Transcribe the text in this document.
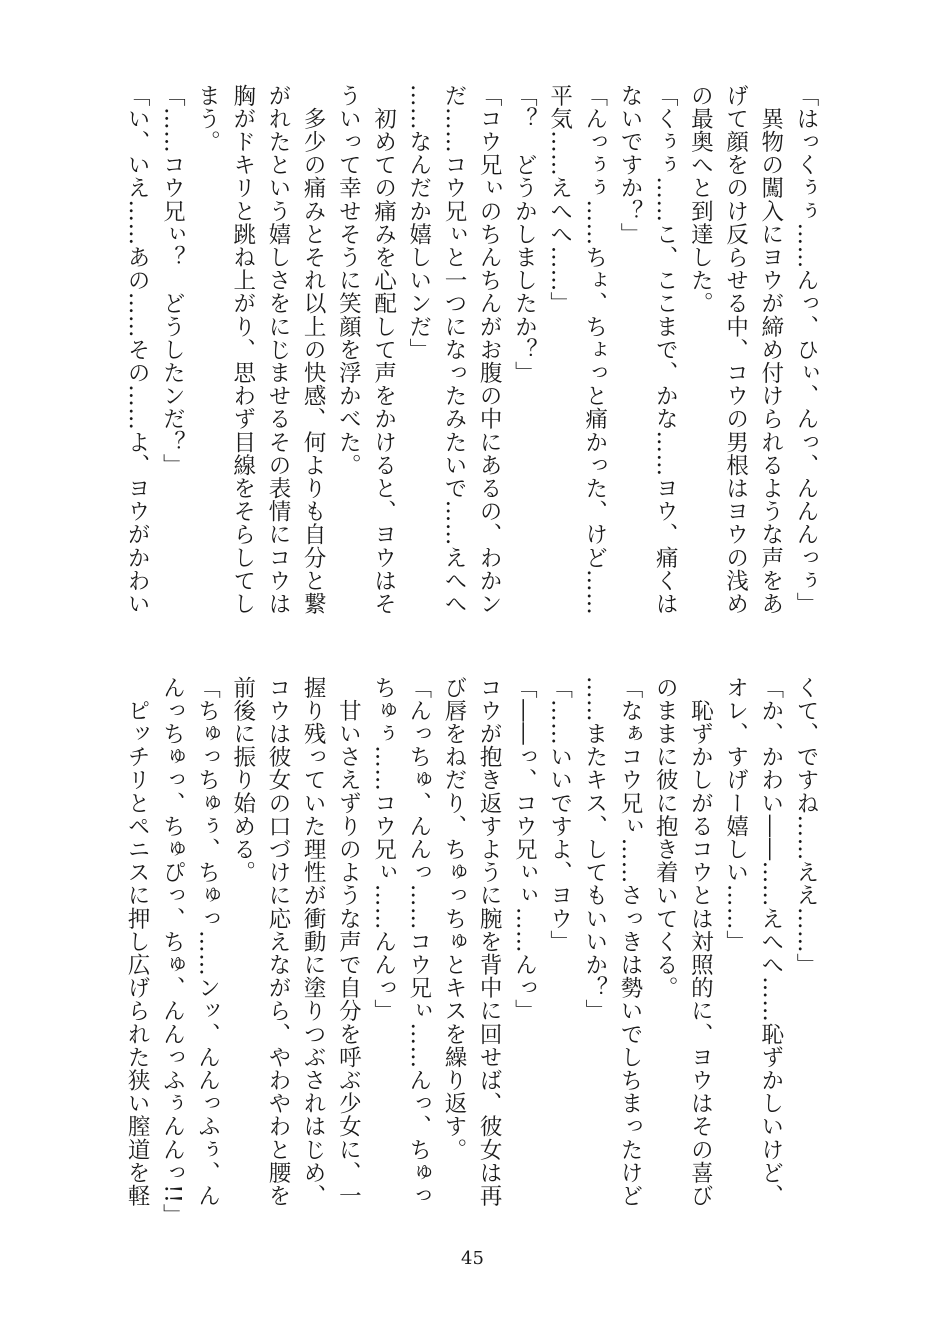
「はっくぅぅ……んっ、ひぃ、んっ、んんんっぅ」
　異物の闖入にヨウが締め付けられるような声をあ
げて顔をのけ反らせる中、コウの男根はヨウの浅め
の最奥へと到達した。
「くぅぅ……こ、ここまで、かな……ヨウ、痛くは
ないですか？」
「んっぅぅ……ちょ、ちょっと痛かった、けど……
平気……えへへ……」
「？　どうかしましたか？」
「コウ兄ぃのちんちんがお腹の中にあるの、わかン
だ……コウ兄ぃと一つになったみたいで……えへへ
……なんだか嬉しいンだ」
　初めての痛みを心配して声をかけると、ヨウはそ
ういって幸せそうに笑顔を浮かべた。
　多少の痛みとそれ以上の快感、何よりも自分と繋
がれたという嬉しさをにじませるその表情にコウは
胸がドキリと跳ね上がり、思わず目線をそらしてし
まう。
「……コウ兄ぃ？　どうしたンだ？」
「い、いえ……あの……その……よ、ヨウがかわい
くて、ですね……ええ……」
「か、かわい――……えへへ……恥ずかしいけど、
オレ、すげー嬉しい……」
　恥ずかしがるコウとは対照的に、ヨウはその喜び
のままに彼に抱き着いてくる。
「なぁコウ兄ぃ……さっきは勢いでしちまったけど
……またキス、してもいいか？」
「……いいですよ、ヨウ」
「――っ、コウ兄ぃぃ……んっ」
コウが抱き返すように腕を背中に回せば、彼女は再
び唇をねだり、ちゅっちゅとキスを繰り返す。
「んっちゅ、んんっ……コウ兄ぃ……んっ、ちゅっ
ちゅぅ……コウ兄ぃ……んんっ」
　甘いさえずりのような声で自分を呼ぶ少女に、一
握り残っていた理性が衝動に塗りつぶされはじめ、
コウは彼女の口づけに応えながら、やわやわと腰を
前後に振り始める。
「ちゅっちゅぅ、ちゅっ……ンッ、んんっふぅ、ん
んっちゅっ、ちゅぴっ、ちゅ、んんっふぅんんっ!!」
　ピッチリとペニスに押し広げられた狭い膣道を軽
45
